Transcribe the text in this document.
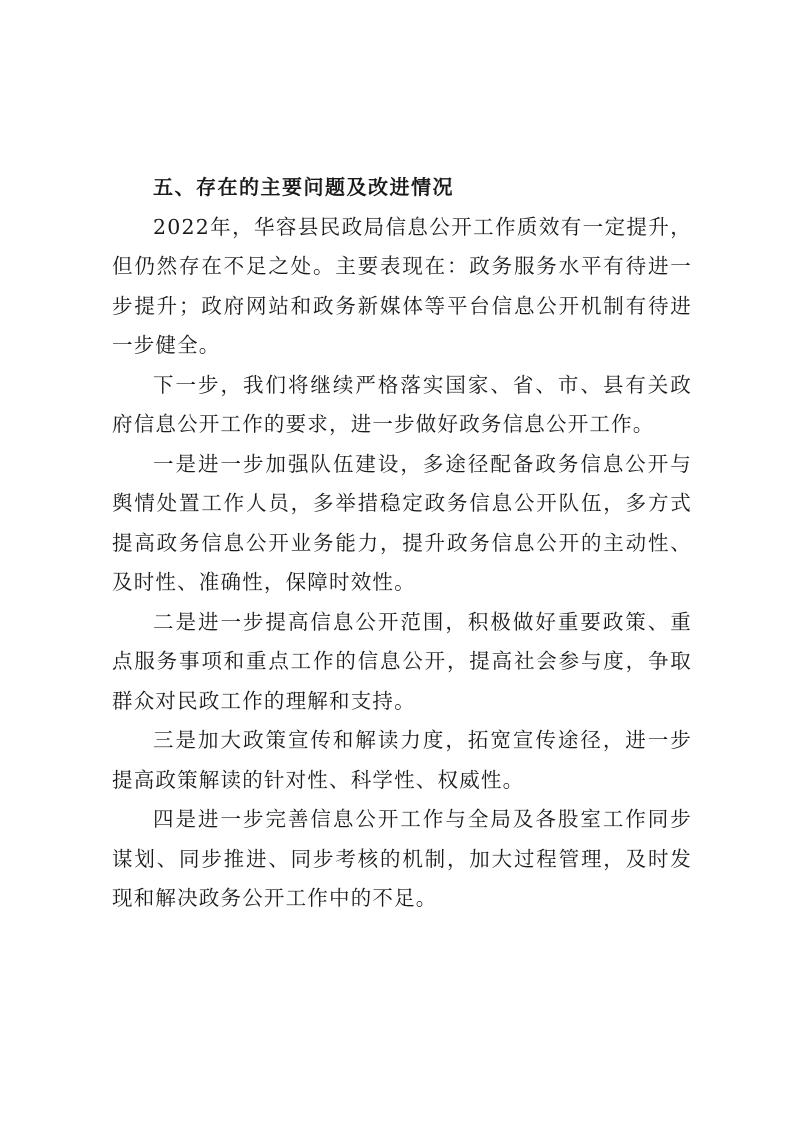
五、存在的主要问题及改进情况

2022年，华容县民政局信息公开工作质效有一定提升，但仍然存在不足之处。主要表现在：政务服务水平有待进一步提升；政府网站和政务新媒体等平台信息公开机制有待进一步健全。

下一步，我们将继续严格落实国家、省、市、县有关政府信息公开工作的要求，进一步做好政务信息公开工作。

一是进一步加强队伍建设，多途径配备政务信息公开与舆情处置工作人员，多举措稳定政务信息公开队伍，多方式提高政务信息公开业务能力，提升政务信息公开的主动性、及时性、准确性，保障时效性。

二是进一步提高信息公开范围，积极做好重要政策、重点服务事项和重点工作的信息公开，提高社会参与度，争取群众对民政工作的理解和支持。

三是加大政策宣传和解读力度，拓宽宣传途径，进一步提高政策解读的针对性、科学性、权威性。

四是进一步完善信息公开工作与全局及各股室工作同步谋划、同步推进、同步考核的机制，加大过程管理，及时发现和解决政务公开工作中的不足。
